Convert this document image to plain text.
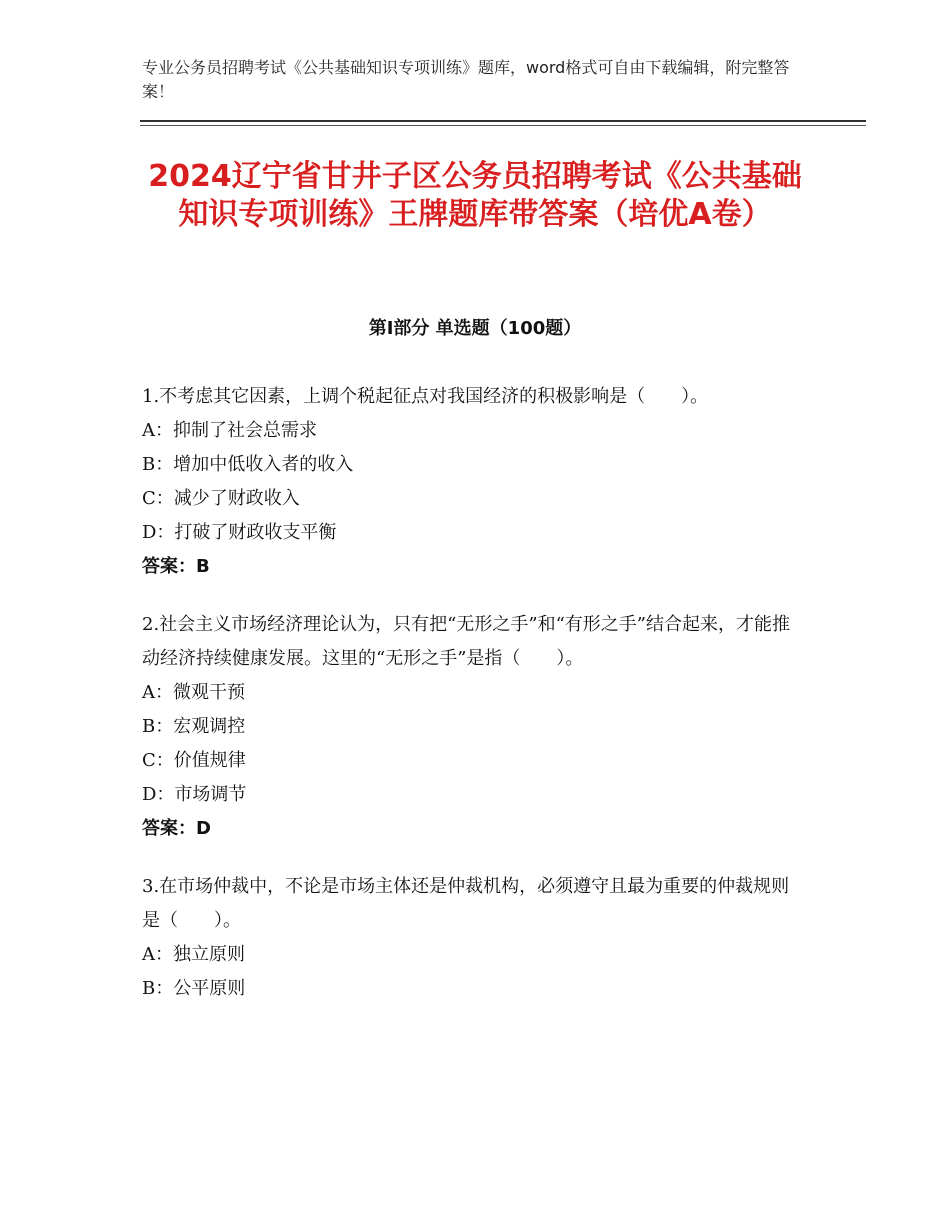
专业公务员招聘考试《公共基础知识专项训练》题库，word格式可自由下载编辑，附完整答案！
2024辽宁省甘井子区公务员招聘考试《公共基础知识专项训练》王牌题库带答案（培优A卷）
第Ⅰ部分 单选题（100题）
1.不考虑其它因素，上调个税起征点对我国经济的积极影响是（　　）。
A：抑制了社会总需求
B：增加中低收入者的收入
C：减少了财政收入
D：打破了财政收支平衡
答案：B
2.社会主义市场经济理论认为，只有把“无形之手”和“有形之手”结合起来，才能推动经济持续健康发展。这里的“无形之手”是指（　　）。
A：微观干预
B：宏观调控
C：价值规律
D：市场调节
答案：D
3.在市场仲裁中，不论是市场主体还是仲裁机构，必须遵守且最为重要的仲裁规则是（　　）。
A：独立原则
B：公平原则
